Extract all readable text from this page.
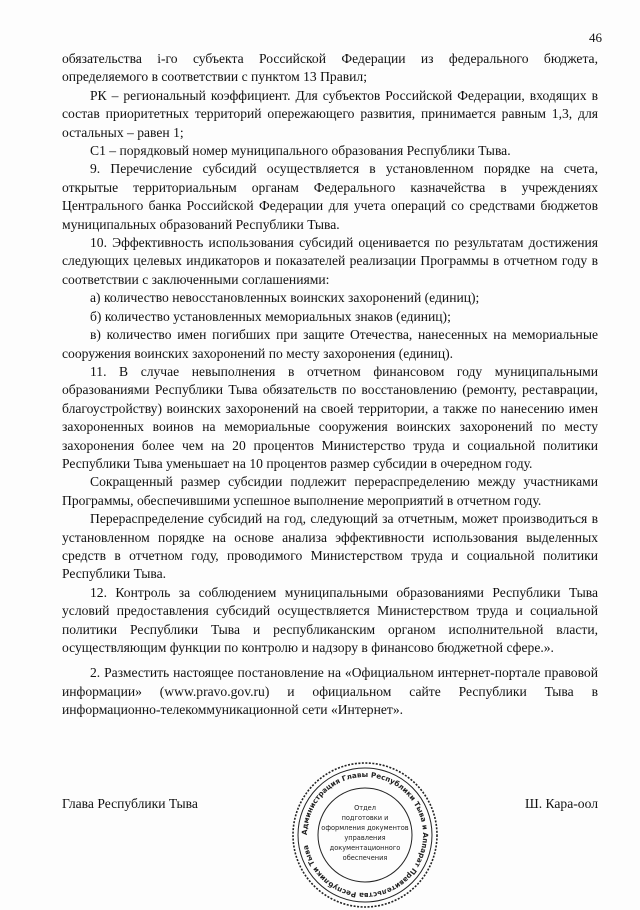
46

обязательства i-го субъекта Российской Федерации из федерального бюджета, определяемого в соответствии с пунктом 13 Правил;

РК – региональный коэффициент. Для субъектов Российской Федерации, входящих в состав приоритетных территорий опережающего развития, принимается равным 1,3, для остальных – равен 1;

С1 – порядковый номер муниципального образования Республики Тыва.

9. Перечисление субсидий осуществляется в установленном порядке на счета, открытые территориальным органам Федерального казначейства в учреждениях Центрального банка Российской Федерации для учета операций со средствами бюджетов муниципальных образований Республики Тыва.

10. Эффективность использования субсидий оценивается по результатам достижения следующих целевых индикаторов и показателей реализации Программы в отчетном году в соответствии с заключенными соглашениями:

а) количество невосстановленных воинских захоронений (единиц);

б) количество установленных мемориальных знаков (единиц);

в) количество имен погибших при защите Отечества, нанесенных на мемориальные сооружения воинских захоронений по месту захоронения (единиц).

11. В случае невыполнения в отчетном финансовом году муниципальными образованиями Республики Тыва обязательств по восстановлению (ремонту, реставрации, благоустройству) воинских захоронений на своей территории, а также по нанесению имен захороненных воинов на мемориальные сооружения воинских захоронений по месту захоронения более чем на 20 процентов Министерство труда и социальной политики Республики Тыва уменьшает на 10 процентов размер субсидии в очередном году.

Сокращенный размер субсидии подлежит перераспределению между участниками Программы, обеспечившими успешное выполнение мероприятий в отчетном году.

Перераспределение субсидий на год, следующий за отчетным, может производиться в установленном порядке на основе анализа эффективности использования выделенных средств в отчетном году, проводимого Министерством труда и социальной политики Республики Тыва.

12. Контроль за соблюдением муниципальными образованиями Республики Тыва условий предоставления субсидий осуществляется Министерством труда и социальной политики Республики Тыва и республиканским органом исполнительной власти, осуществляющим функции по контролю и надзору в финансово бюджетной сфере.».

2. Разместить настоящее постановление на «Официальном интернет-портале правовой информации» (www.pravo.gov.ru) и официальном сайте Республики Тыва в информационно-телекоммуникационной сети «Интернет».

Глава Республики Тыва	Ш. Кара-оол
Администрация Главы Республики Тыва и Аппарат Правительства Республики Тыва
Отдел
подготовки и
оформления документов
управления
документационного
обеспечения
